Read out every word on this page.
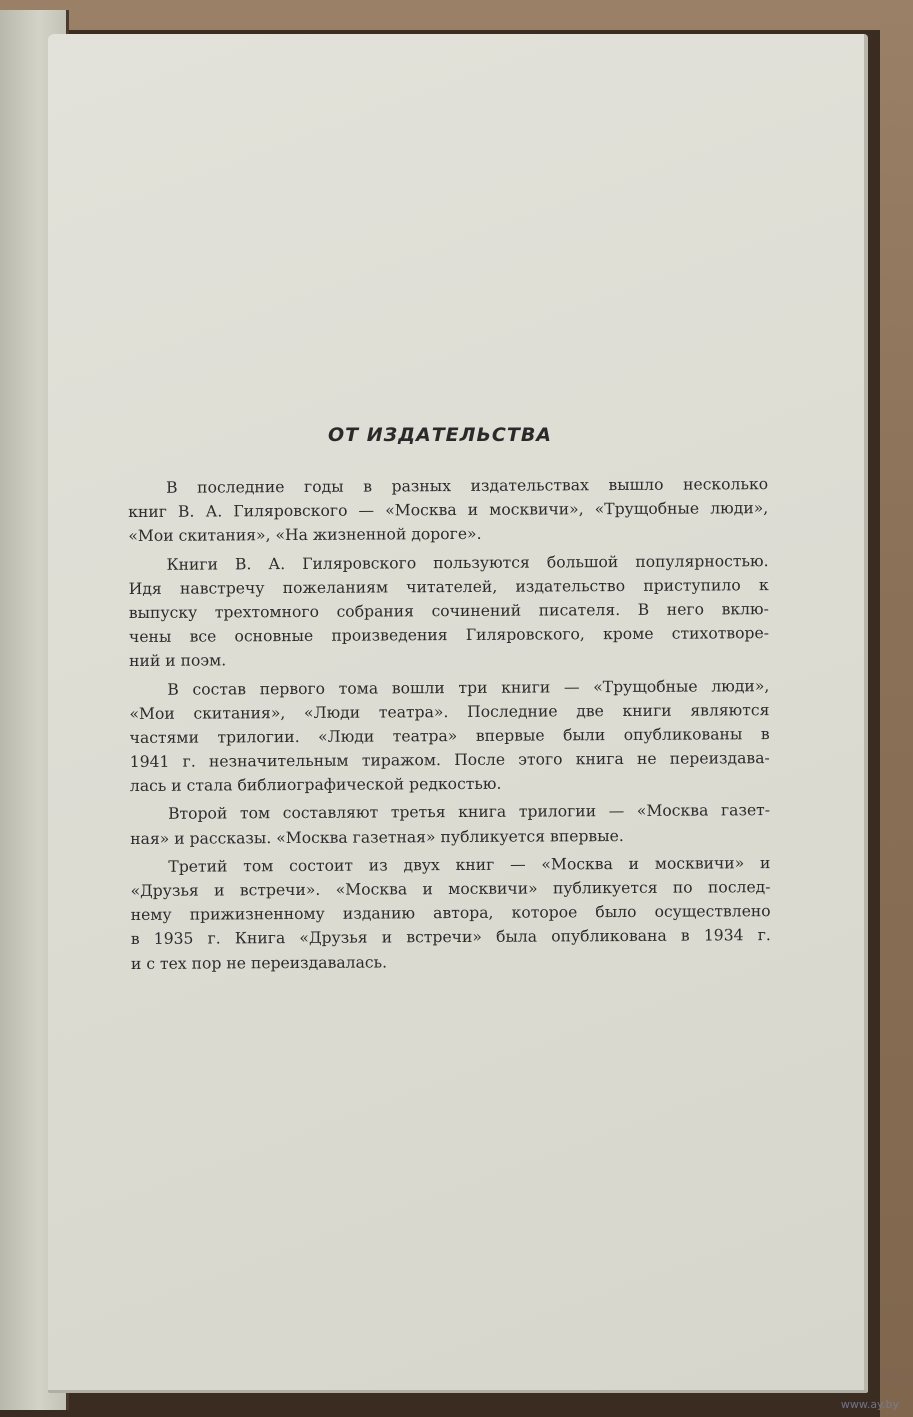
ОТ ИЗДАТЕЛЬСТВА
В последние годы в разных издательствах вышло несколько
книг В. А. Гиляровского — «Москва и москвичи», «Трущобные люди»,
«Мои скитания», «На жизненной дороге».
Книги В. А. Гиляровского пользуются большой популярностью.
Идя навстречу пожеланиям читателей, издательство приступило к
выпуску трехтомного собрания сочинений писателя. В него вклю-
чены все основные произведения Гиляровского, кроме стихотворе-
ний и поэм.
В состав первого тома вошли три книги — «Трущобные люди»,
«Мои скитания», «Люди театра». Последние две книги являются
частями трилогии. «Люди театра» впервые были опубликованы в
1941 г. незначительным тиражом. После этого книга не переиздава-
лась и стала библиографической редкостью.
Второй том составляют третья книга трилогии — «Москва газет-
ная» и рассказы. «Москва газетная» публикуется впервые.
Третий том состоит из двух книг — «Москва и москвичи» и
«Друзья и встречи». «Москва и москвичи» публикуется по послед-
нему прижизненному изданию автора, которое было осуществлено
в 1935 г. Книга «Друзья и встречи» была опубликована в 1934 г.
и с тех пор не переиздавалась.
www.ay.by
